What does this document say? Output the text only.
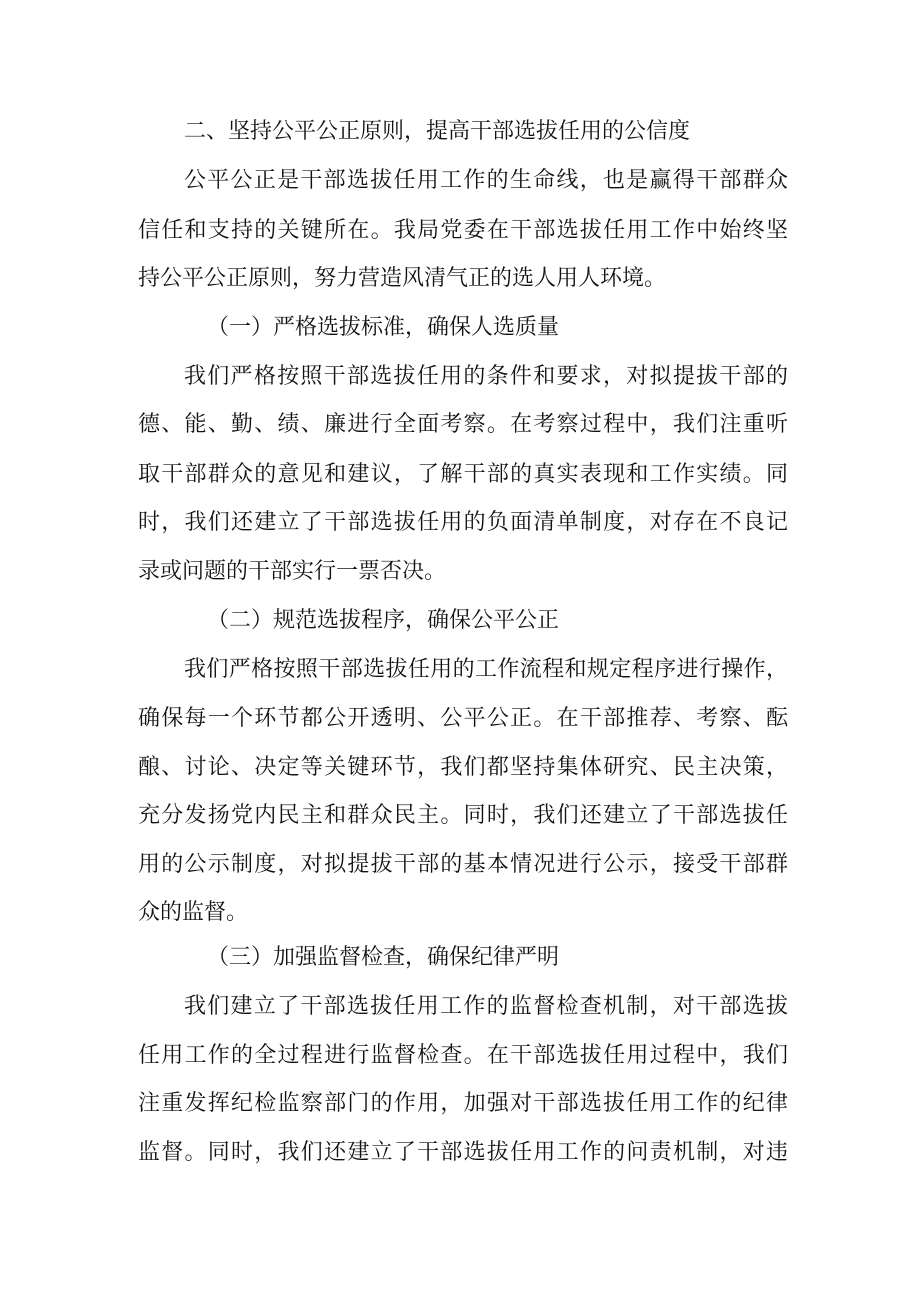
二、坚持公平公正原则，提高干部选拔任用的公信度
公平公正是干部选拔任用工作的生命线，也是赢得干部群众
信任和支持的关键所在。我局党委在干部选拔任用工作中始终坚
持公平公正原则，努力营造风清气正的选人用人环境。
（一）严格选拔标准，确保人选质量
我们严格按照干部选拔任用的条件和要求，对拟提拔干部的
德、能、勤、绩、廉进行全面考察。在考察过程中，我们注重听
取干部群众的意见和建议，了解干部的真实表现和工作实绩。同
时，我们还建立了干部选拔任用的负面清单制度，对存在不良记
录或问题的干部实行一票否决。
（二）规范选拔程序，确保公平公正
我们严格按照干部选拔任用的工作流程和规定程序进行操作，
确保每一个环节都公开透明、公平公正。在干部推荐、考察、酝
酿、讨论、决定等关键环节，我们都坚持集体研究、民主决策，
充分发扬党内民主和群众民主。同时，我们还建立了干部选拔任
用的公示制度，对拟提拔干部的基本情况进行公示，接受干部群
众的监督。
（三）加强监督检查，确保纪律严明
我们建立了干部选拔任用工作的监督检查机制，对干部选拔
任用工作的全过程进行监督检查。在干部选拔任用过程中，我们
注重发挥纪检监察部门的作用，加强对干部选拔任用工作的纪律
监督。同时，我们还建立了干部选拔任用工作的问责机制，对违
